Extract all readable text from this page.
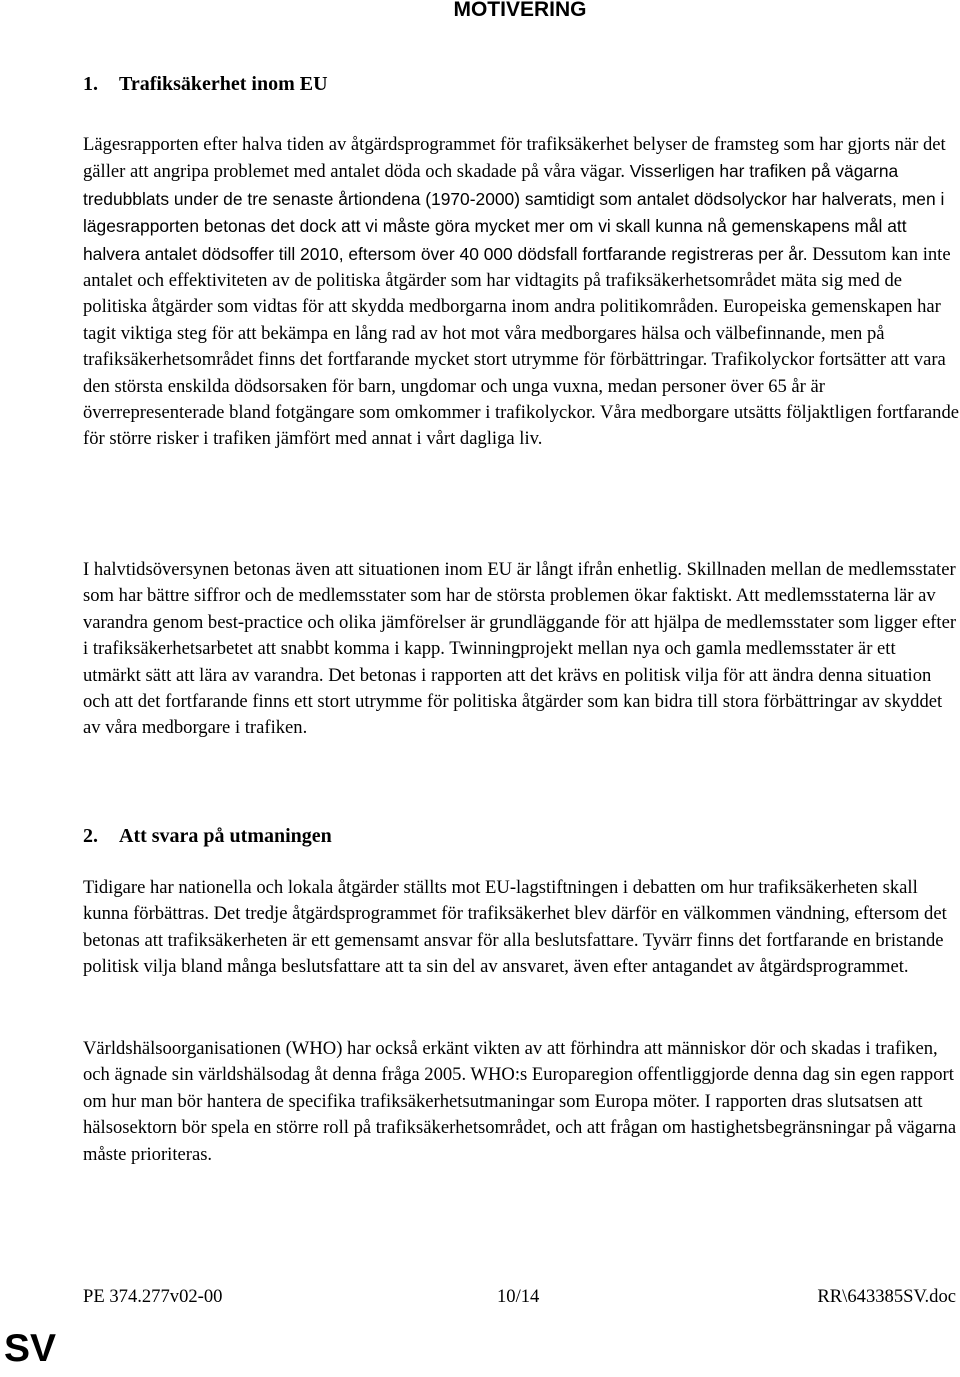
MOTIVERING
1. Trafiksäkerhet inom EU

Lägesrapporten efter halva tiden av åtgärdsprogrammet för trafiksäkerhet belyser de framsteg som har gjorts när det gäller att angripa problemet med antalet döda och skadade på våra vägar. Visserligen har trafiken på vägarna tredubblats under de tre senaste årtiondena (1970-2000) samtidigt som antalet dödsolyckor har halverats, men i lägesrapporten betonas det dock att vi måste göra mycket mer om vi skall kunna nå gemenskapens mål att halvera antalet dödsoffer till 2010, eftersom över 40 000 dödsfall fortfarande registreras per år. Dessutom kan inte antalet och effektiviteten av de politiska åtgärder som har vidtagits på trafiksäkerhetsområdet mäta sig med de politiska åtgärder som vidtas för att skydda medborgarna inom andra politikområden. Europeiska gemenskapen har tagit viktiga steg för att bekämpa en lång rad av hot mot våra medborgares hälsa och välbefinnande, men på trafiksäkerhetsområdet finns det fortfarande mycket stort utrymme för förbättringar. Trafikolyckor fortsätter att vara den största enskilda dödsorsaken för barn, ungdomar och unga vuxna, medan personer över 65 år är överrepresenterade bland fotgängare som omkommer i trafikolyckor. Våra medborgare utsätts följaktligen fortfarande för större risker i trafiken jämfört med annat i vårt dagliga liv.

I halvtidsöversynen betonas även att situationen inom EU är långt ifrån enhetlig. Skillnaden mellan de medlemsstater som har bättre siffror och de medlemsstater som har de största problemen ökar faktiskt. Att medlemsstaterna lär av varandra genom best-practice och olika jämförelser är grundläggande för att hjälpa de medlemsstater som ligger efter i trafiksäkerhetsarbetet att snabbt komma i kapp. Twinningprojekt mellan nya och gamla medlemsstater är ett utmärkt sätt att lära av varandra. Det betonas i rapporten att det krävs en politisk vilja för att ändra denna situation och att det fortfarande finns ett stort utrymme för politiska åtgärder som kan bidra till stora förbättringar av skyddet av våra medborgare i trafiken.

2. Att svara på utmaningen

Tidigare har nationella och lokala åtgärder ställts mot EU-lagstiftningen i debatten om hur trafiksäkerheten skall kunna förbättras. Det tredje åtgärdsprogrammet för trafiksäkerhet blev därför en välkommen vändning, eftersom det betonas att trafiksäkerheten är ett gemensamt ansvar för alla beslutsfattare. Tyvärr finns det fortfarande en bristande politisk vilja bland många beslutsfattare att ta sin del av ansvaret, även efter antagandet av åtgärdsprogrammet.

Världshälsoorganisationen (WHO) har också erkänt vikten av att förhindra att människor dör och skadas i trafiken, och ägnade sin världshälsodag åt denna fråga 2005. WHO:s Europaregion offentliggjorde denna dag sin egen rapport om hur man bör hantera de specifika trafiksäkerhetsutmaningar som Europa möter. I rapporten dras slutsatsen att hälsosektorn bör spela en större roll på trafiksäkerhetsområdet, och att frågan om hastighetsbegränsningar på vägarna måste prioriteras.

PE 374.277v02-00	10/14	RR\643385SV.doc

SV
